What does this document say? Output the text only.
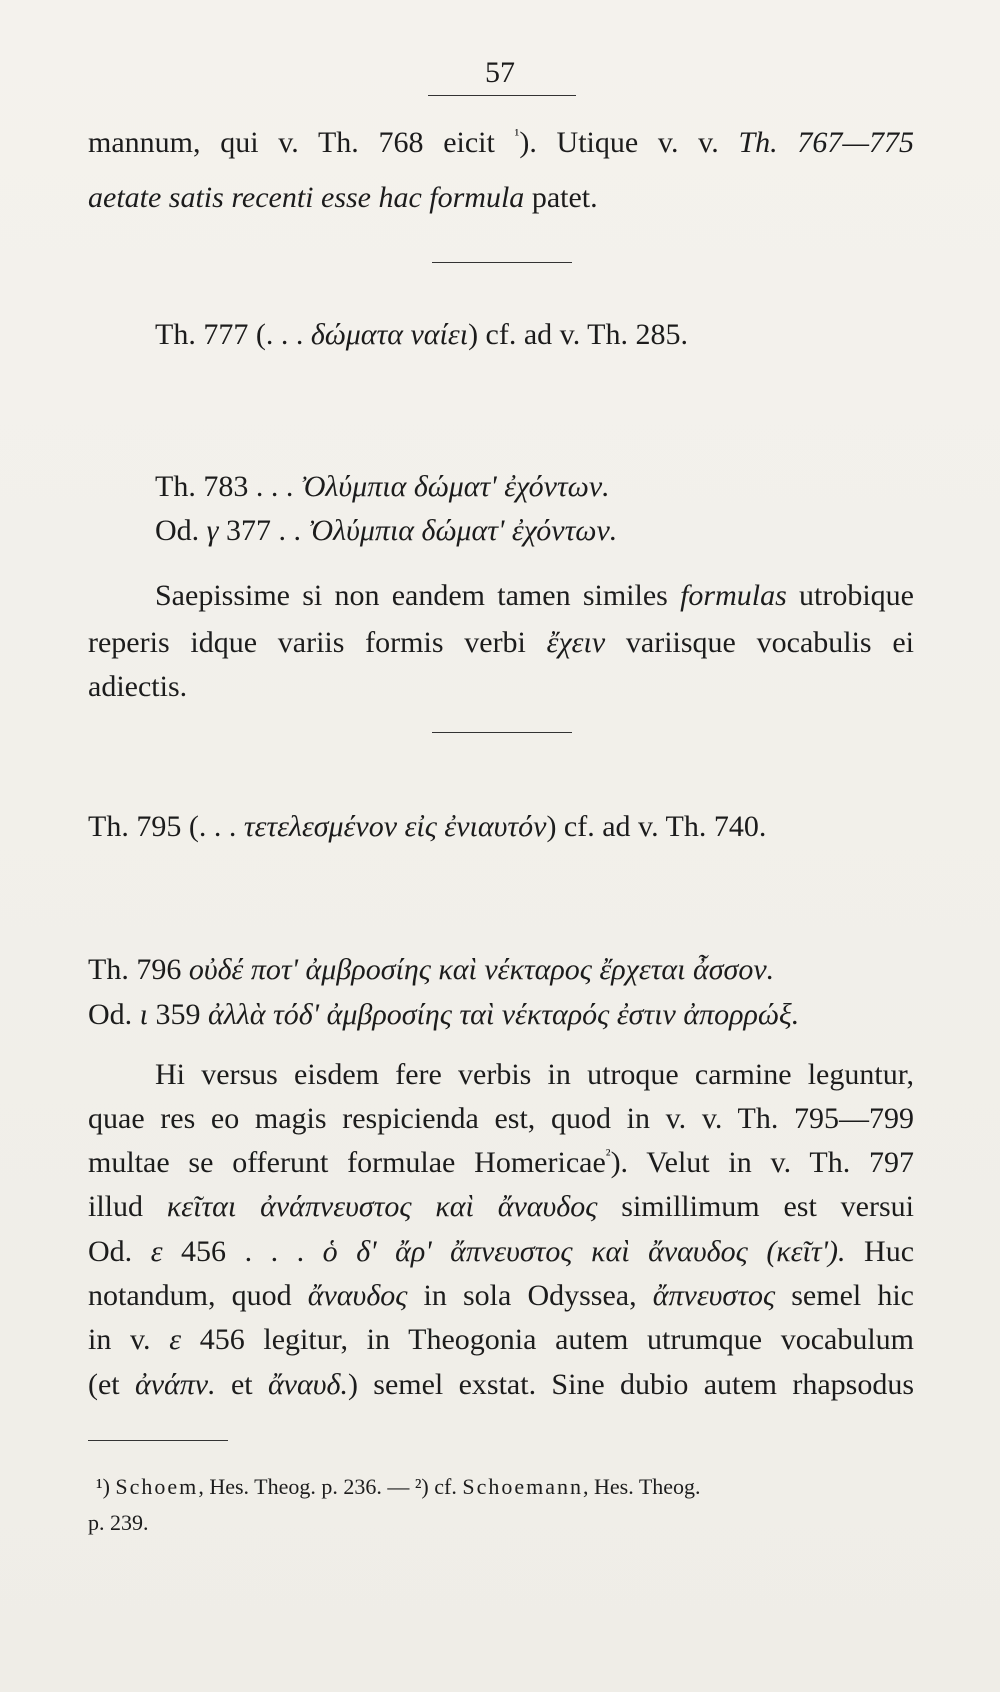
57
mannum, qui v. Th. 768 eicit $^{^1}$). Utique v. v. Th. 767—775
aetate satis recenti esse hac formula patet.
Th. 777 (. . . δώματα ναίει) cf. ad v. Th. 285.
Th. 783 . . . Ὀλύμπια δώματ' ἐχόντων.
Od. γ 377 . . Ὀλύμπια δώματ' ἐχόντων.
Saepissime si non eandem tamen similes formulas utrobique
reperis idque variis formis verbi ἔχειν variisque vocabulis ei
adiectis.
Th. 795 (. . . τετελεσμένον εἰς ἐνιαυτόν) cf. ad v. Th. 740.
Th. 796 οὐδέ ποτ' ἀμβροσίης καὶ νέκταρος ἔρχεται ἆσσον.
Od. ι 359 ἀλλὰ τόδ' ἀμβροσίης ταὶ νέκταρός ἐστιν ἀπορρώξ.
Hi versus eisdem fere verbis in utroque carmine leguntur,
quae res eo magis respicienda est, quod in v. v. Th. 795—799
multae se offerunt formulae Homericae$^{^2}$). Velut in v. Th. 797
illud κεῖται ἀνάπνευστος καὶ ἄναυδος simillimum est versui
Od. ε 456 . . . ὁ δ' ἄρ' ἄπνευστος καὶ ἄναυδος (κεῖτ'). Huc
notandum, quod ἄναυδος in sola Odyssea, ἄπνευστος semel hic
in v. ε 456 legitur, in Theogonia autem utrumque vocabulum
(et ἀνάπν. et ἄναυδ.) semel exstat. Sine dubio autem rhapsodus
¹) Schoem, Hes. Theog. p. 236. — ²) cf. Schoemann, Hes. Theog.
p. 239.
